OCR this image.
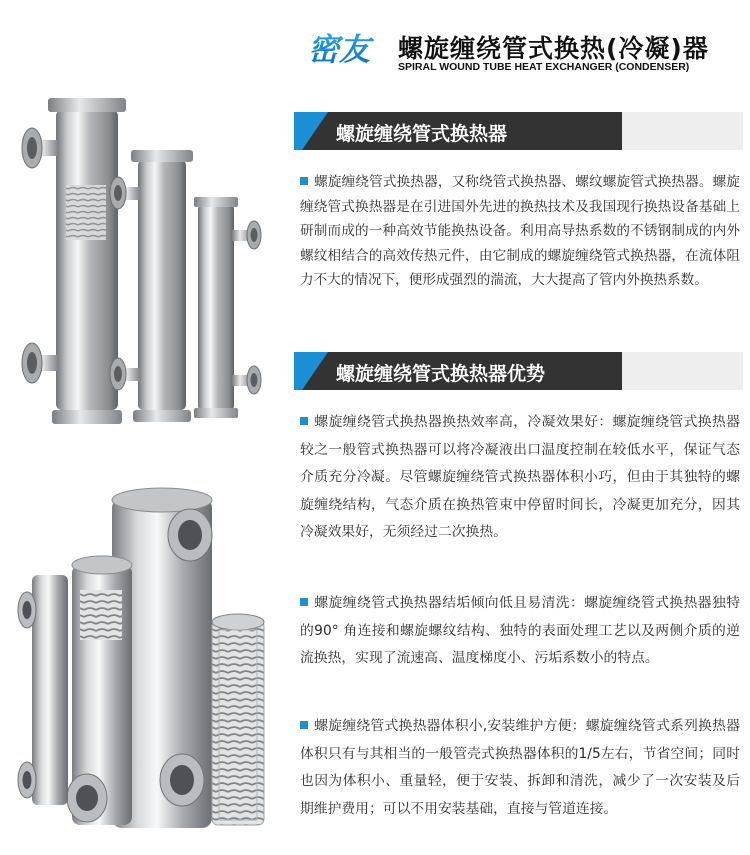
密友 螺旋缠绕管式换热(冷凝)器
SPIRAL WOUND TUBE HEAT EXCHANGER (CONDENSER)
螺旋缠绕管式换热器
螺旋缠绕管式换热器，又称绕管式换热器、螺纹螺旋管式换热器。螺旋缠绕管式换热器是在引进国外先进的换热技术及我国现行换热设备基础上研制而成的一种高效节能换热设备。利用高导热系数的不锈钢制成的内外螺纹相结合的高效传热元件，由它制成的螺旋缠绕管式换热器，在流体阻力不大的情况下，便形成强烈的湍流，大大提高了管内外换热系数。
螺旋缠绕管式换热器优势
螺旋缠绕管式换热器换热效率高，冷凝效果好：螺旋缠绕管式换热器较之一般管式换热器可以将冷凝液出口温度控制在较低水平，保证气态介质充分冷凝。尽管螺旋缠绕管式换热器体积小巧，但由于其独特的螺旋缠绕结构，气态介质在换热管束中停留时间长，冷凝更加充分，因其冷凝效果好，无须经过二次换热。
螺旋缠绕管式换热器结垢倾向低且易清洗：螺旋缠绕管式换热器独特的90° 角连接和螺旋螺纹结构、独特的表面处理工艺以及两侧介质的逆流换热，实现了流速高、温度梯度小、污垢系数小的特点。
螺旋缠绕管式换热器体积小,安装维护方便：螺旋缠绕管式系列换热器体积只有与其相当的一般管壳式换热器体积的1/5左右，节省空间；同时也因为体积小、重量轻，便于安装、拆卸和清洗，减少了一次安装及后期维护费用；可以不用安装基础，直接与管道连接。
